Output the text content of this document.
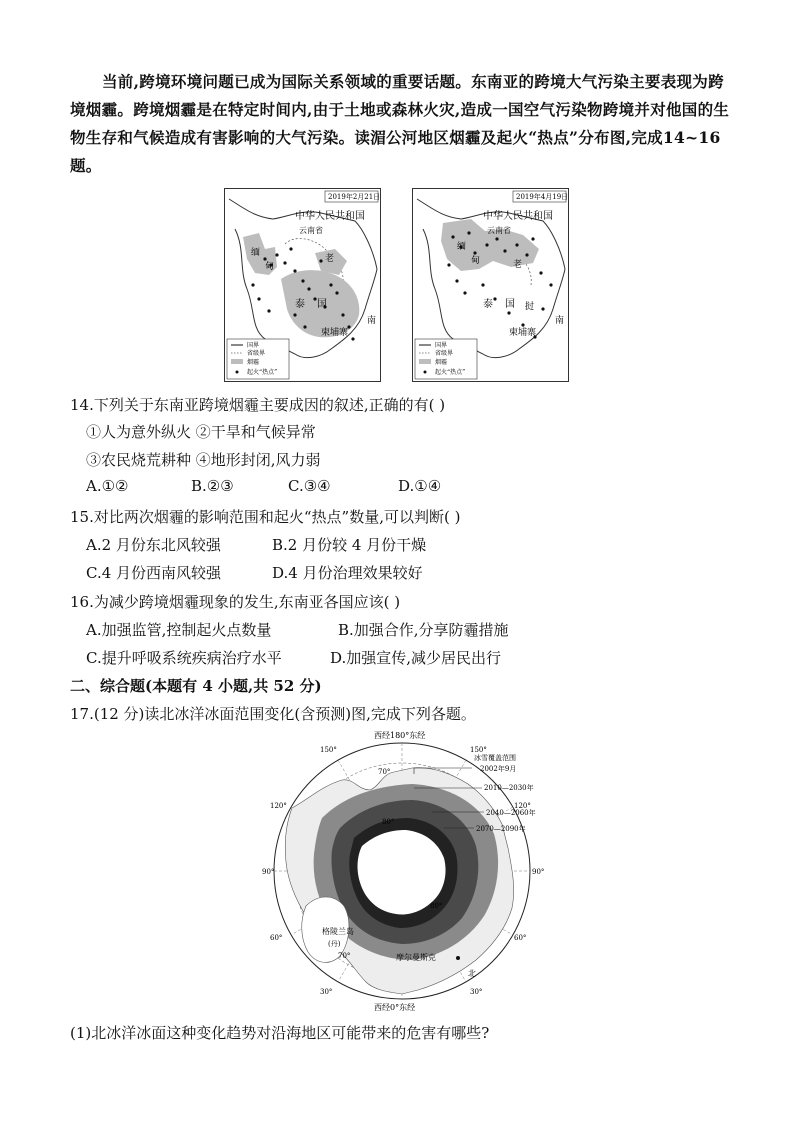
当前,跨境环境问题已成为国际关系领域的重要话题。东南亚的跨境大气污染主要表现为跨境烟霾。跨境烟霾是在特定时间内,由于土地或森林火灾,造成一国空气污染物跨境并对他国的生物生存和气候造成有害影响的大气污染。读湄公河地区烟霾及起火“热点”分布图,完成14~16题。
2019年2月21日
中华人民共和国
云南省
缅
甸
老
泰 国
柬埔寨
南
国界
省级界
烟霾
起火“热点”
2019年4月19日
中华人民共和国
云南省
缅
甸	老
泰 国 挝
柬埔寨
南
国界
省级界
烟霾
起火“热点”
14.下列关于东南亚跨境烟霾主要成因的叙述,正确的有( )
①人为意外纵火 ②干旱和气候异常
③农民烧荒耕种 ④地形封闭,风力弱
A.①②	B.②③	C.③④	D.①④
15.对比两次烟霾的影响范围和起火“热点”数量,可以判断( )
A.2 月份东北风较强	B.2 月份较 4 月份干燥
C.4 月份西南风较强	D.4 月份治理效果较好
16.为减少跨境烟霾现象的发生,东南亚各国应该( )
A.加强监管,控制起火点数量	B.加强合作,分享防霾措施
C.提升呼吸系统疾病治疗水平	D.加强宣传,减少居民出行
二、综合题(本题有 4 小题,共 52 分)
17.(12 分)读北冰洋冰面范围变化(含预测)图,完成下列各题。
西经180°东经
西经0°东经
格陵兰岛
(丹)
摩尔曼斯克
北
150°	150°
120°	120°
90°	90°
60°	60°
30°	30°
70°
80°
80°
70°
冰雪覆盖范围
2002年9月
2010—2030年
2040—2060年
2070—2090年
(1)北冰洋冰面这种变化趋势对沿海地区可能带来的危害有哪些?
